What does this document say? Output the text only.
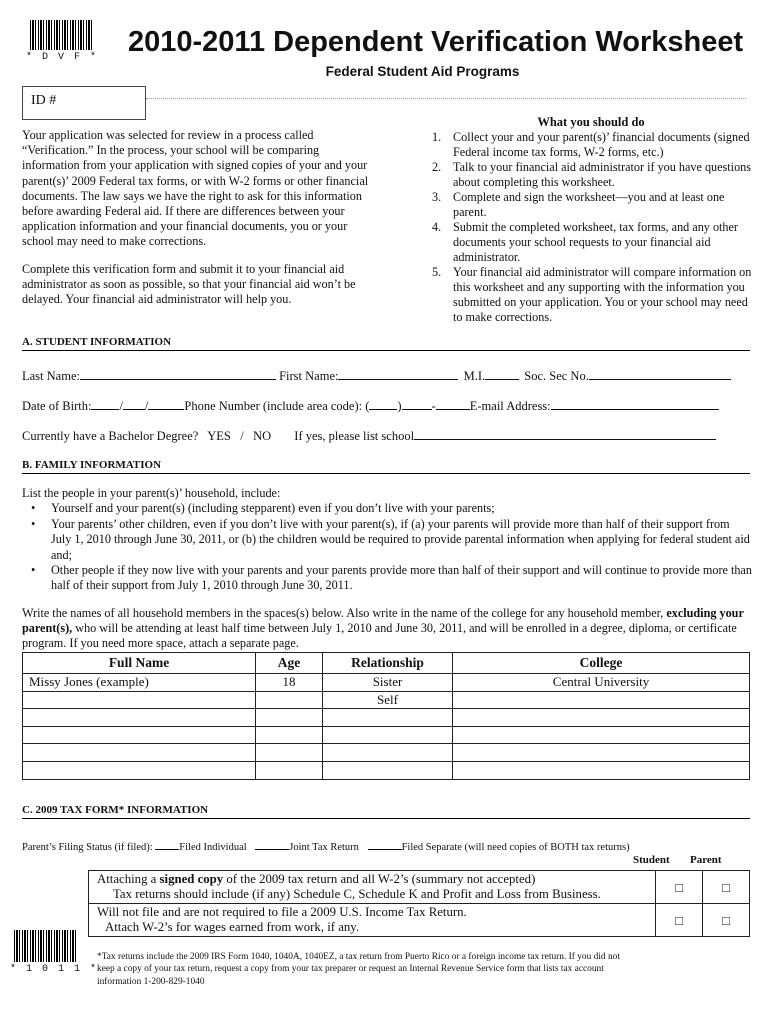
* D V F * 2010-2011 Dependent Verification Worksheet
Federal Student Aid Programs
ID #
Your application was selected for review in a process called “Verification.” In the process, your school will be comparing information from your application with signed copies of your and your parent(s)’ 2009 Federal tax forms, or with W-2 forms or other financial documents. The law says we have the right to ask for this information before awarding Federal aid. If there are differences between your application information and your financial documents, you or your school may need to make corrections.
Complete this verification form and submit it to your financial aid administrator as soon as possible, so that your financial aid won’t be delayed. Your financial aid administrator will help you.
What you should do
1. Collect your and your parent(s)’ financial documents (signed Federal income tax forms, W-2 forms, etc.)
2. Talk to your financial aid administrator if you have questions about completing this worksheet.
3. Complete and sign the worksheet—you and at least one parent.
4. Submit the completed worksheet, tax forms, and any other documents your school requests to your financial aid administrator.
5. Your financial aid administrator will compare information on this worksheet and any supporting with the information you submitted on your application. You or your school may need to make corrections.
A. STUDENT INFORMATION
Last Name:	First Name:	M.I.	Soc. Sec No.
Date of Birth: / /	Phone Number (include area code): ( ) -	E-mail Address:
Currently have a Bachelor Degree? YES / NO If yes, please list school
B. FAMILY INFORMATION
List the people in your parent(s)’ household, include:
• Yourself and your parent(s) (including stepparent) even if you don’t live with your parents;
• Your parents’ other children, even if you don’t live with your parent(s), if (a) your parents will provide more than half of their support from July 1, 2010 through June 30, 2011, or (b) the children would be required to provide parental information when applying for federal student aid and;
• Other people if they now live with your parents and your parents provide more than half of their support and will continue to provide more than half of their support from July 1, 2010 through June 30, 2011.
Write the names of all household members in the spaces(s) below. Also write in the name of the college for any household member, excluding your parent(s), who will be attending at least half time between July 1, 2010 and June 30, 2011, and will be enrolled in a degree, diploma, or certificate program. If you need more space, attach a separate page.
Full Name	Age	Relationship	College
Missy Jones (example)	18	Sister	Central University
		Self	

C. 2009 TAX FORM* INFORMATION
Parent’s Filing Status (if filed):	Filed Individual	Joint Tax Return	Filed Separate (will need copies of BOTH tax returns)
Student Parent
Attaching a signed copy of the 2009 tax return and all W-2’s (summary not accepted)
Tax returns should include (if any) Schedule C, Schedule K and Profit and Loss from Business.	□	□
Will not file and are not required to file a 2009 U.S. Income Tax Return.
Attach W-2’s for wages earned from work, if any.	□	□
*Tax returns include the 2009 IRS Form 1040, 1040A, 1040EZ, a tax return from Puerto Rico or a foreign income tax return. If you did not keep a copy of your tax return, request a copy from your tax preparer or request an Internal Revenue Service form that lists tax account information 1-200-829-1040
* 1 0 1 1 *
